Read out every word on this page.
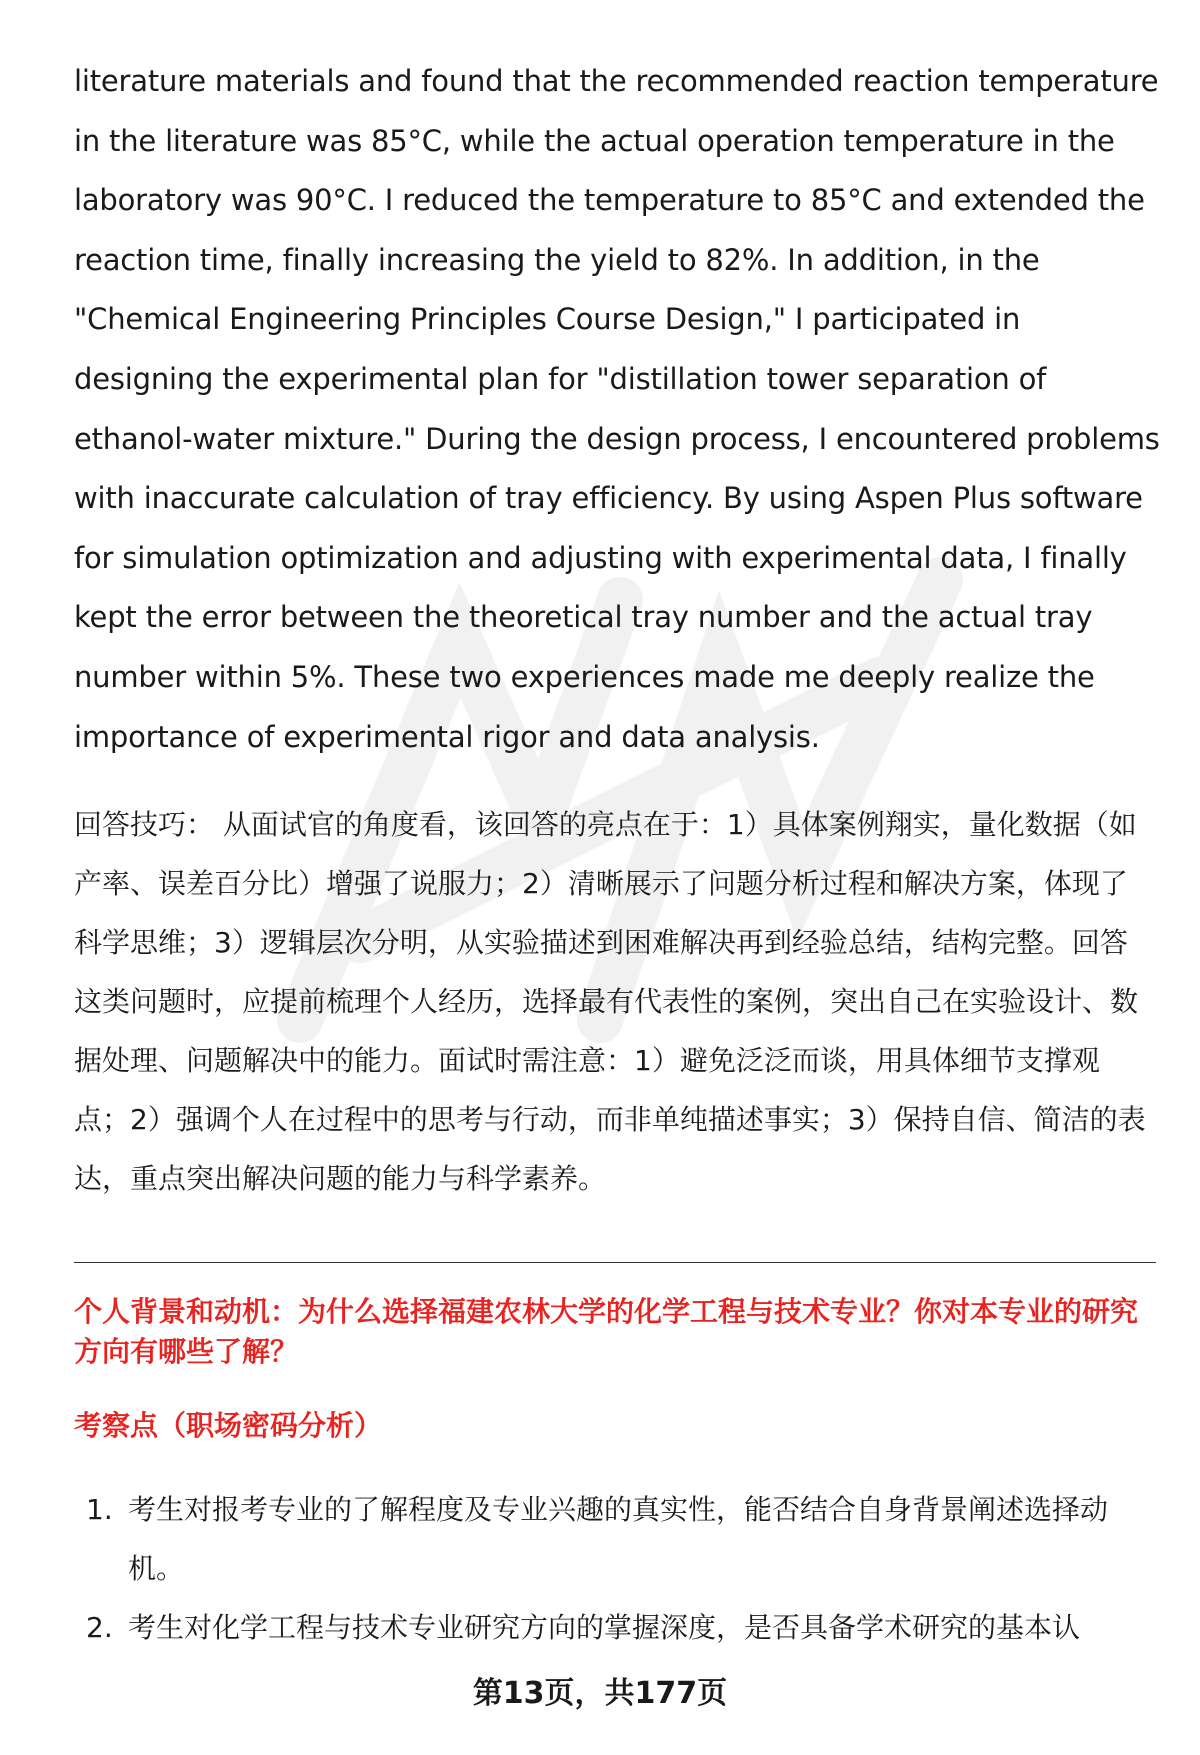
literature materials and found that the recommended reaction temperature in the literature was 85°C, while the actual operation temperature in the laboratory was 90°C. I reduced the temperature to 85°C and extended the reaction time, finally increasing the yield to 82%. In addition, in the "Chemical Engineering Principles Course Design," I participated in designing the experimental plan for "distillation tower separation of ethanol-water mixture." During the design process, I encountered problems with inaccurate calculation of tray efficiency. By using Aspen Plus software for simulation optimization and adjusting with experimental data, I finally kept the error between the theoretical tray number and the actual tray number within 5%. These two experiences made me deeply realize the importance of experimental rigor and data analysis.

回答技巧： 从面试官的角度看，该回答的亮点在于：1）具体案例翔实，量化数据（如产率、误差百分比）增强了说服力；2）清晰展示了问题分析过程和解决方案，体现了科学思维；3）逻辑层次分明，从实验描述到困难解决再到经验总结，结构完整。回答这类问题时，应提前梳理个人经历，选择最有代表性的案例，突出自己在实验设计、数据处理、问题解决中的能力。面试时需注意：1）避免泛泛而谈，用具体细节支撑观点；2）强调个人在过程中的思考与行动，而非单纯描述事实；3）保持自信、简洁的表达，重点突出解决问题的能力与科学素养。

个人背景和动机：为什么选择福建农林大学的化学工程与技术专业？你对本专业的研究方向有哪些了解？
考察点（职场密码分析）
1. 考生对报考专业的了解程度及专业兴趣的真实性，能否结合自身背景阐述选择动机。
2. 考生对化学工程与技术专业研究方向的掌握深度，是否具备学术研究的基本认
第13页，共177页
